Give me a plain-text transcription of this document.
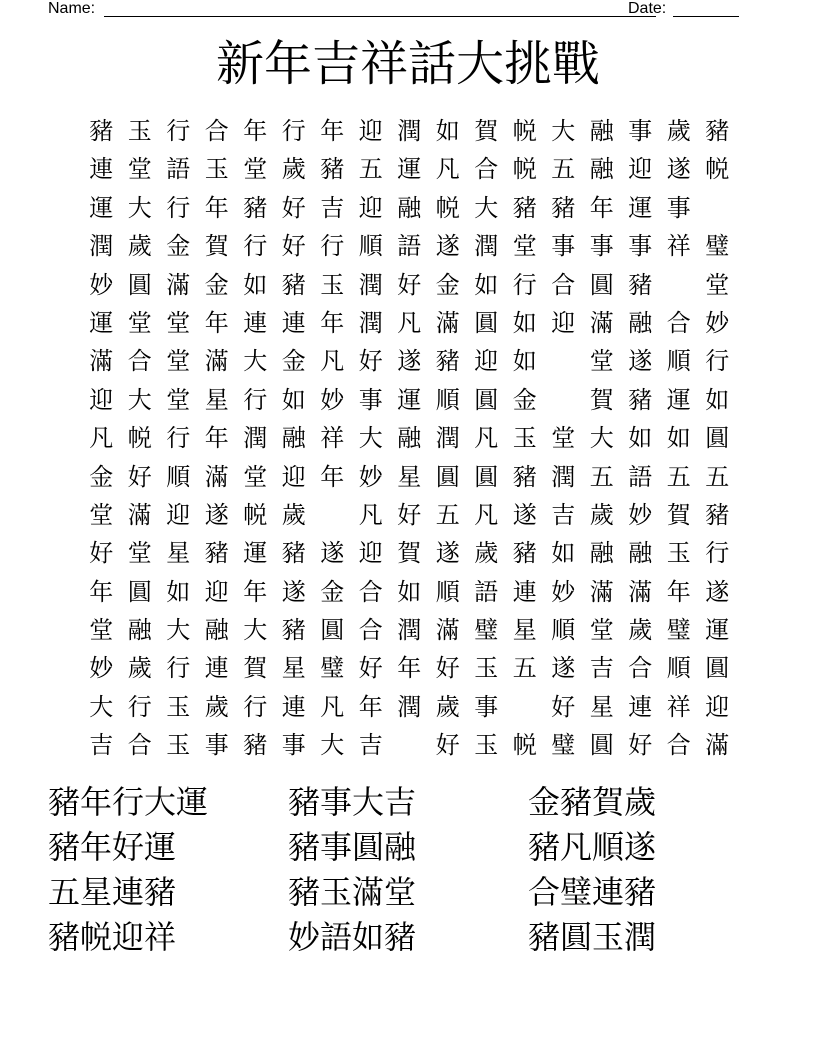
Name:	Date:
新年吉祥話大挑戰
豬 玉 行 合 年 行 年 迎 潤 如 賀 帨 大 融 事 歲 豬
連 堂 語 玉 堂 歲 豬 五 運 凡 合 帨 五 融 迎 遂 帨
運 大 行 年 豬 好 吉 迎 融 帨 大 豬 豬 年 運 事
潤 歲 金 賀 行 好 行 順 語 遂 潤 堂 事 事 事 祥 璧
妙 圓 滿 金 如 豬 玉 潤 好 金 如 行 合 圓 豬	堂
運 堂 堂 年 連 連 年 潤 凡 滿 圓 如 迎 滿 融 合 妙
滿 合 堂 滿 大 金 凡 好 遂 豬 迎 如	堂 遂 順 行
迎 大 堂 星 行 如 妙 事 運 順 圓 金	賀 豬 運 如
凡 帨 行 年 潤 融 祥 大 融 潤 凡 玉 堂 大 如 如 圓
金 好 順 滿 堂 迎 年 妙 星 圓 圓 豬 潤 五 語 五 五
堂 滿 迎 遂 帨 歲	凡 好 五 凡 遂 吉 歲 妙 賀 豬
好 堂 星 豬 運 豬 遂 迎 賀 遂 歲 豬 如 融 融 玉 行
年 圓 如 迎 年 遂 金 合 如 順 語 連 妙 滿 滿 年 遂
堂 融 大 融 大 豬 圓 合 潤 滿 璧 星 順 堂 歲 璧 運
妙 歲 行 連 賀 星 璧 好 年 好 玉 五 遂 吉 合 順 圓
大 行 玉 歲 行 連 凡 年 潤 歲 事	好 星 連 祥 迎
吉 合 玉 事 豬 事 大 吉	好 玉 帨 璧 圓 好 合 滿
豬年行大運	豬事大吉	金豬賀歲
豬年好運	豬事圓融	豬凡順遂
五星連豬	豬玉滿堂	合璧連豬
豬帨迎祥	妙語如豬	豬圓玉潤
